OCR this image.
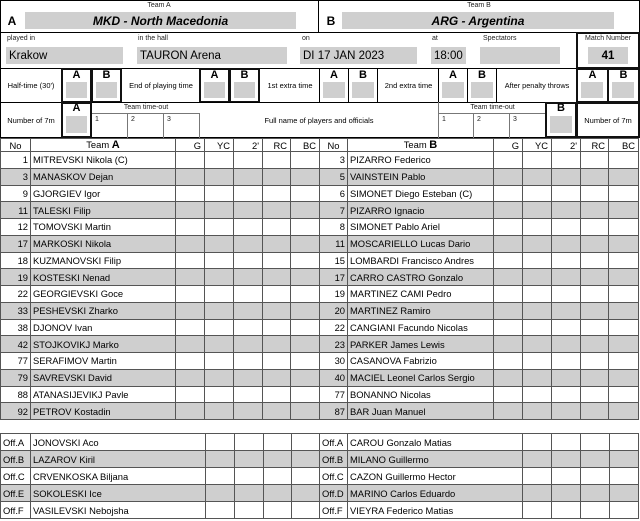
Team A
A	MKD - North Macedonia
Team B
B	ARG - Argentina
played in
Krakow
in the hall
TAURON Arena
on
DI 17 JAN 2023
at
18:00
Spectators	Match Number
41
Half-time (30')
A	B
End of playing time
A	B
1st extra time
A	B
2nd extra time
A	B
After penalty throws
A	B
Number of 7m
A	Team time-out
1	2	3	Full name of players and officials
Team time-out
1	2	3
B
Number of 7m
No	Team A	G	YC	2'	RC	BC
1	MITREVSKI Nikola (C)					
3	MANASKOV Dejan					
9	GJORGIEV Igor					
11	TALESKI Filip					
12	TOMOVSKI Martin					
17	MARKOSKI Nikola					
18	KUZMANOVSKI Filip					
19	KOSTESKI Nenad					
22	GEORGIEVSKI Goce					
33	PESHEVSKI Zharko					
38	DJONOV Ivan					
42	STOJKOVIKJ Marko					
77	SERAFIMOV Martin					
79	SAVREVSKI David					
88	ATANASIJEVIKJ Pavle					
92	PETROV Kostadin					
No	Team B	G	YC	2'	RC	BC
3	PIZARRO Federico					
5	VAINSTEIN Pablo					
6	SIMONET Diego Esteban (C)					
7	PIZARRO Ignacio					
8	SIMONET Pablo Ariel					
11	MOSCARIELLO Lucas Dario					
15	LOMBARDI Francisco Andres					
17	CARRO CASTRO Gonzalo					
19	MARTINEZ CAMI Pedro					
20	MARTINEZ Ramiro					
22	CANGIANI Facundo Nicolas					
23	PARKER James Lewis					
30	CASANOVA Fabrizio					
40	MACIEL Leonel Carlos Sergio					
77	BONANNO Nicolas					
87	BAR Juan Manuel					
Off.A	JONOVSKI Aco				
Off.B	LAZAROV Kiril				
Off.C	CRVENKOSKA Biljana				
Off.E	SOKOLESKI Ice				
Off.F	VASILEVSKI Nebojsha				
Off.A	CAROU Gonzalo Matias				
Off.B	MILANO Guillermo				
Off.C	CAZON Guillermo Hector				
Off.D	MARINO Carlos Eduardo				
Off.F	VIEYRA Federico Matias				
